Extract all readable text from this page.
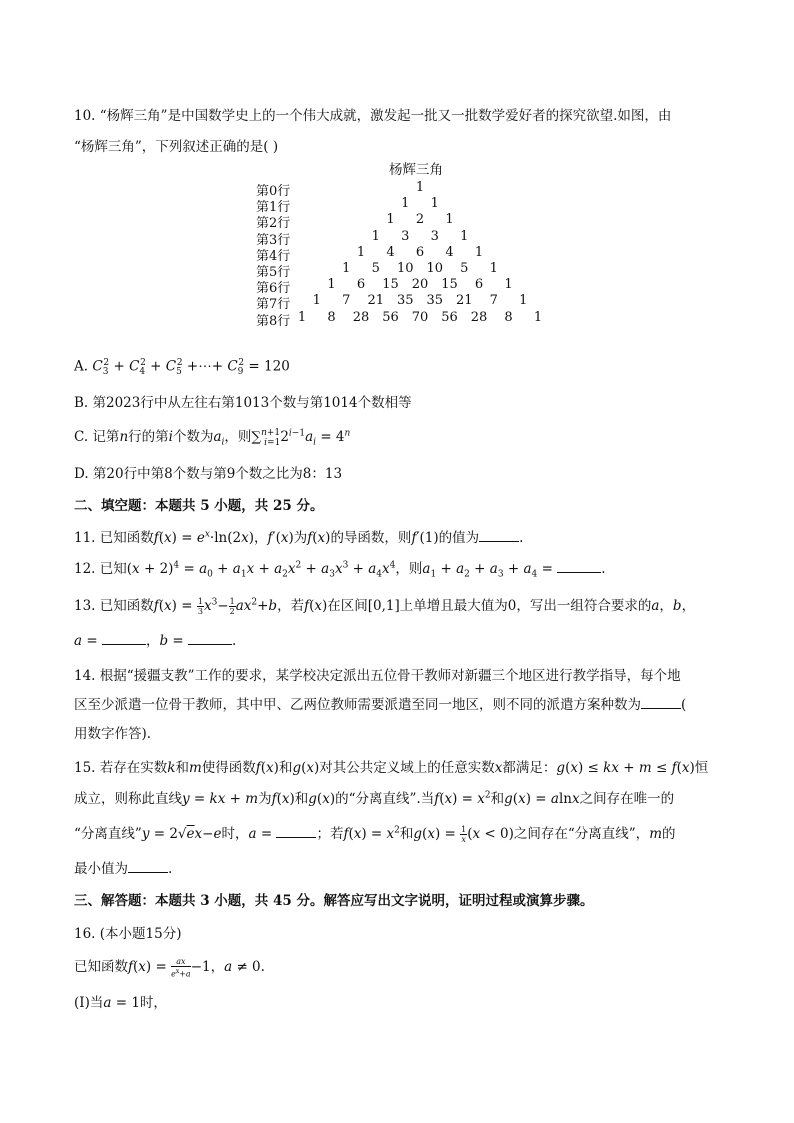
10. “杨辉三角”是中国数学史上的一个伟大成就，激发起一批又一批数学爱好者的探究欲望.如图，由
“杨辉三角”，下列叙述正确的是( )
杨辉三角
第0行	1
第1行	1 1
第2行	1 2 1
第3行	1 3 3 1
第4行	1 4 6 4 1
第5行	1 5 10 10 5 1
第6行	1 6 15 20 15 6 1
第7行 1 7 21 35 35 21 7 1
第8行 1 8 28 56 70 56 28 8 1
A. $C_3^2 + C_4^2 + C_5^2$ +⋯+ $C_9^2 = 120$
B. 第2023行中从左往右第1013个数与第1014个数相等
C. 记第n行的第i个数为$a_i$，则$\sum^{n+1}_{i=1}2^{i-1}a_i = 4^n$
D. 第20行中第8个数与第9个数之比为8：13
二、填空题：本题共 5 小题，共 25 分。
11. 已知函数$f(x) = e^x\cdot\ln(2x)$，f′(x)为f(x)的导函数，则f′(1)的值为	.
12. 已知$(x + 2)^4 = a_0 + a_1x + a_2x^2 + a_3x^3 + a_4x^4$，则$a_1 + a_2 + a_3 + a_4$ =	.
13. 已知函数$f(x) = \frac{1}{3} x^3- \frac{1}{2} ax^2+b$，若f(x)在区间[0,1]上单增且最大值为0，写出一组符合要求的a，b，
a =	，b =	.
14. 根据“援疆支教”工作的要求，某学校决定派出五位骨干教师对新疆三个地区进行教学指导，每个地
区至少派遣一位骨干教师，其中甲、乙两位教师需要派遣至同一地区，则不同的派遣方案种数为	(
用数字作答).
15. 若存在实数k和m使得函数f(x)和g(x)对其公共定义域上的任意实数x都满足：g(x) ≤ kx + m ≤ f(x)恒
成立，则称此直线y = kx + m为f(x)和g(x)的“分离直线”.当$f(x) = x^2$和g(x) = alnx之间存在唯一的
“分离直线”y = 2√ex−e时，a =	；若$f(x) = x^2$和$g(x) = \frac{1}{x} (x < 0)$之间存在“分离直线”，m的
最小值为	.
三、解答题：本题共 3 小题，共 45 分。解答应写出文字说明，证明过程或演算步骤。
16. (本小题15分)
已知函数$f(x) = \frac{ax}{e^x+a} -1$，a ≠ 0.
(Ⅰ)当a = 1时，
